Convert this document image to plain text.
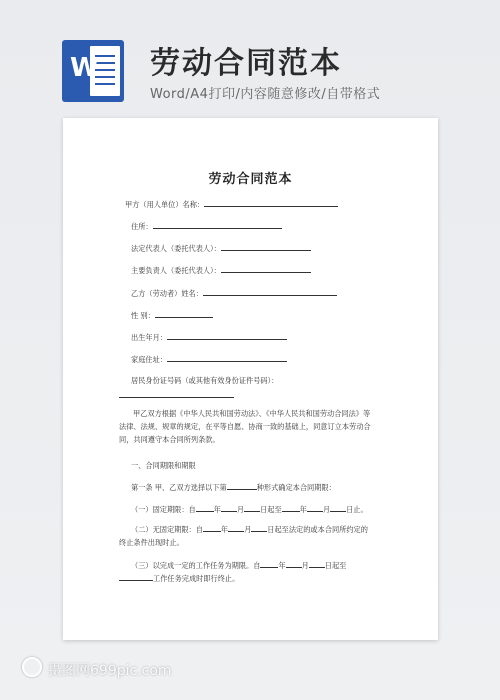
W 劳动合同范本
Word/A4打印/内容随意修改/自带格式
劳动合同范本
甲方（用人单位）名称：
住所：
法定代表人（委托代表人）：
主要负责人（委托代表人）：
乙方（劳动者）姓名：
性 别：
出生年月：
家庭住址：
居民身份证号码（或其他有效身份证件号码）：
甲乙双方根据《中华人民共和国劳动法》、《中华人民共和国劳动合同法》等法律、法规、规章的规定，在平等自愿、协商一致的基础上，同意订立本劳动合同，共同遵守本合同所列条款。
一、合同期限和期限
第一条 甲、乙双方选择以下第	种形式确定本合同期限：
（一）固定期限：自	年 月 日起至	年 月 日止。
（二）无固定期限：自	年 月 日起至法定的或本合同所约定的终止条件出现时止。
（三）以完成一定的工作任务为期限。自	年 月 日起至工作任务完成时即行终止。
摄图网699pic.com
